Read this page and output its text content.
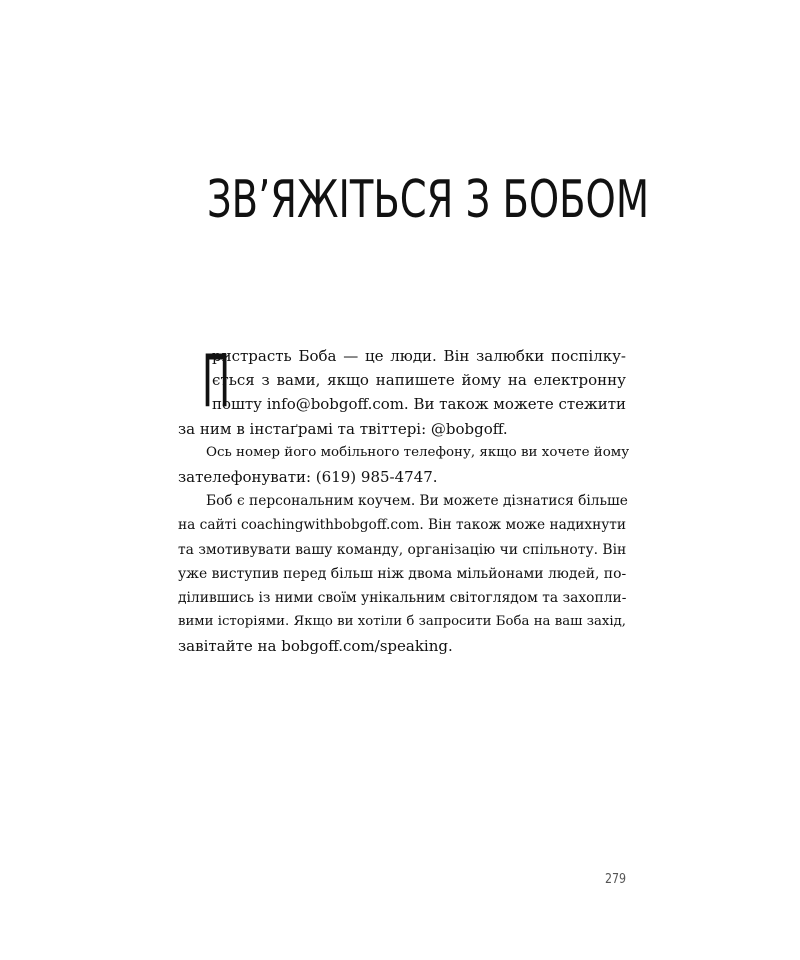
ЗВ’ЯЖІТЬСЯ З БОБОМ
П
ристрасть Боба — це люди. Він залюбки поспілку-
ється з вами, якщо напишете йому на електронну
пошту info@bobgoff.com. Ви також можете стежити
за ним в інстаґрамі та твіттері: @bobgoff.
Ось номер його мобільного телефону, якщо ви хочете йому
зателефонувати: (619) 985-4747.
Боб є персональним коучем. Ви можете дізнатися більше
на сайті coachingwithbobgoff.com. Він також може надихнути
та змотивувати вашу команду, організацію чи спільноту. Він
уже виступив перед більш ніж двома мільйонами людей, по-
ділившись із ними своїм унікальним світоглядом та захопли-
вими історіями. Якщо ви хотіли б запросити Боба на ваш захід,
завітайте на bobgoff.com/speaking.
279
